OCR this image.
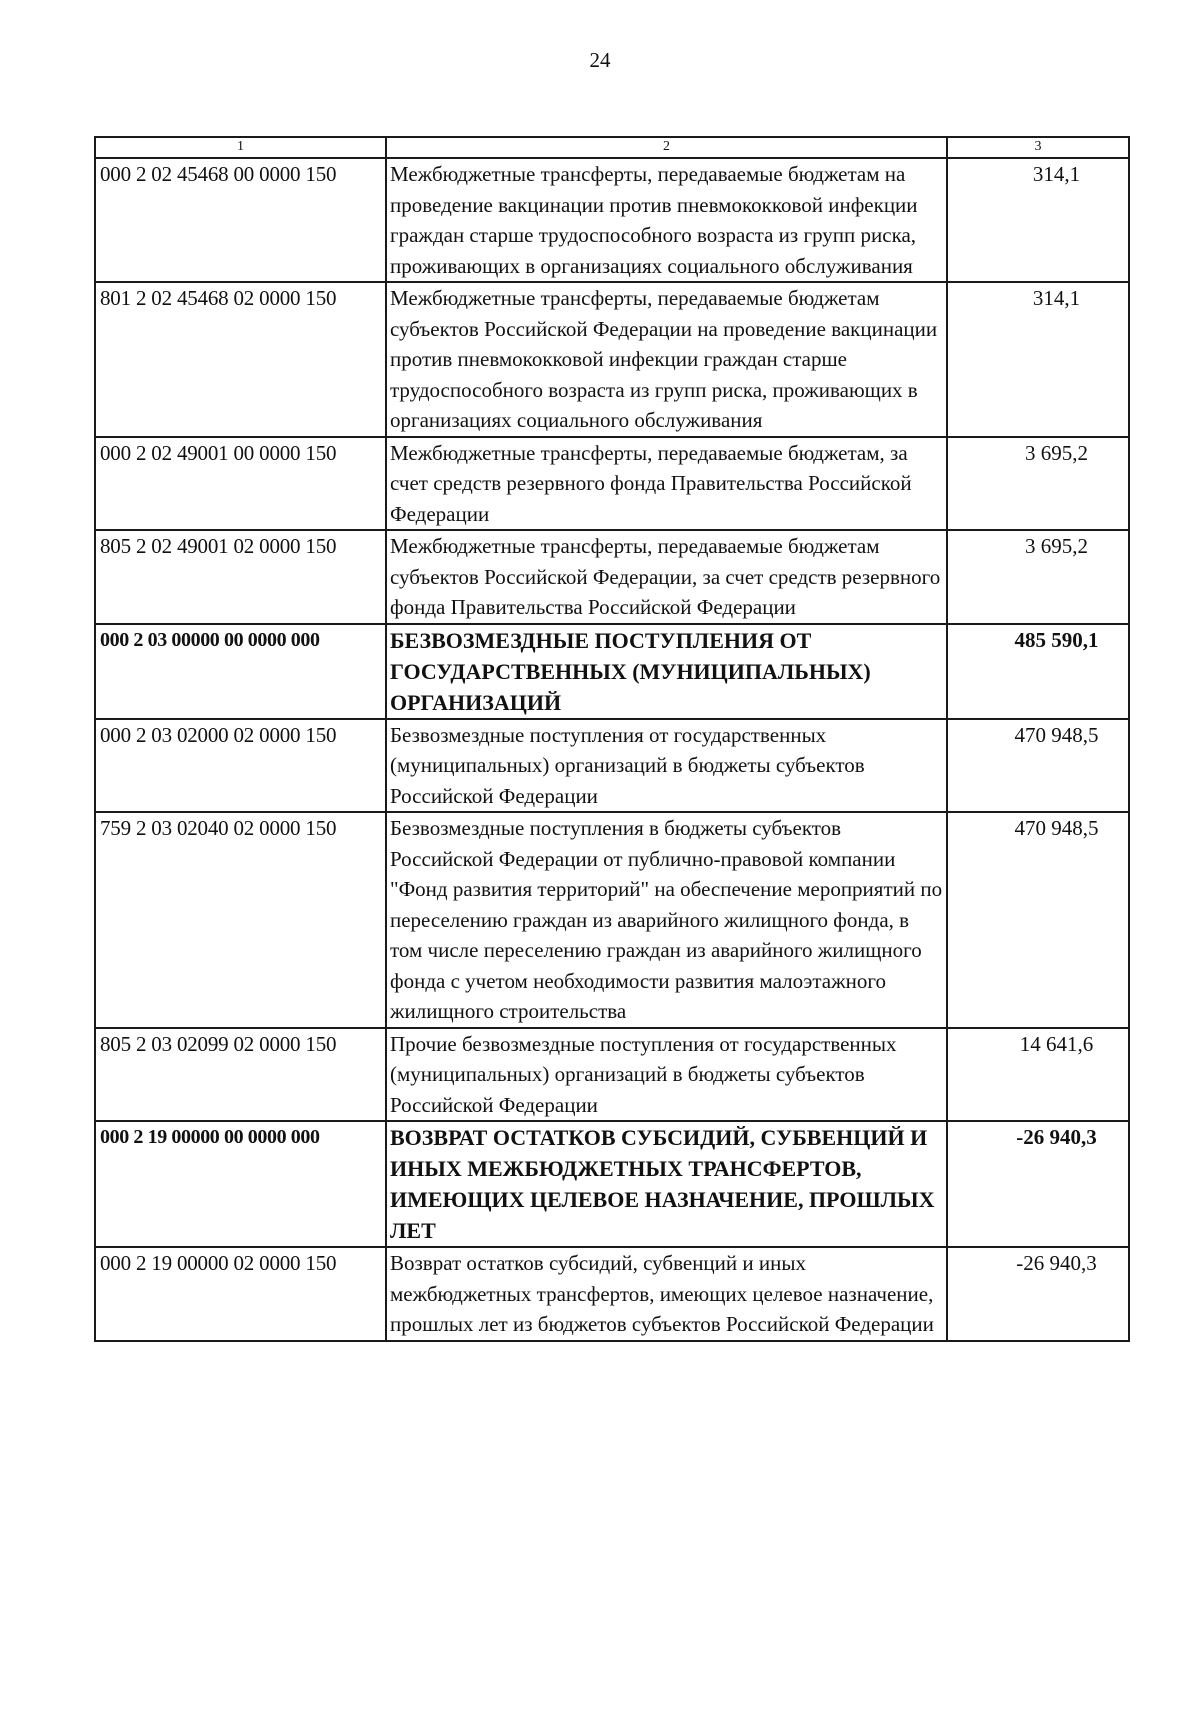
24
1	2	3
000 2 02 45468 00 0000 150	Межбюджетные трансферты, передаваемые бюджетам на проведение вакцинации против пневмококковой инфекции граждан старше трудоспособного возраста из групп риска, проживающих в организациях социального обслуживания	314,1
801 2 02 45468 02 0000 150	Межбюджетные трансферты, передаваемые бюджетам субъектов Российской Федерации на проведение вакцинации против пневмококковой инфекции граждан старше трудоспособного возраста из групп риска, проживающих в организациях социального обслуживания	314,1
000 2 02 49001 00 0000 150	Межбюджетные трансферты, передаваемые бюджетам, за счет средств резервного фонда Правительства Российской Федерации	3 695,2
805 2 02 49001 02 0000 150	Межбюджетные трансферты, передаваемые бюджетам субъектов Российской Федерации, за счет средств резервного фонда Правительства Российской Федерации	3 695,2
000 2 03 00000 00 0000 000	БЕЗВОЗМЕЗДНЫЕ ПОСТУПЛЕНИЯ ОТ ГОСУДАРСТВЕННЫХ (МУНИЦИПАЛЬНЫХ) ОРГАНИЗАЦИЙ	485 590,1
000 2 03 02000 02 0000 150	Безвозмездные поступления от государственных (муниципальных) организаций в бюджеты субъектов Российской Федерации	470 948,5
759 2 03 02040 02 0000 150	Безвозмездные поступления в бюджеты субъектов Российской Федерации от публично-правовой компании "Фонд развития территорий" на обеспечение мероприятий по переселению граждан из аварийного жилищного фонда, в том числе переселению граждан из аварийного жилищного фонда с учетом необходимости развития малоэтажного жилищного строительства	470 948,5
805 2 03 02099 02 0000 150	Прочие безвозмездные поступления от государственных (муниципальных) организаций в бюджеты субъектов Российской Федерации	14 641,6
000 2 19 00000 00 0000 000	ВОЗВРАТ ОСТАТКОВ СУБСИДИЙ, СУБВЕНЦИЙ И ИНЫХ МЕЖБЮДЖЕТНЫХ ТРАНСФЕРТОВ, ИМЕЮЩИХ ЦЕЛЕВОЕ НАЗНАЧЕНИЕ, ПРОШЛЫХ ЛЕТ	-26 940,3
000 2 19 00000 02 0000 150	Возврат остатков субсидий, субвенций и иных межбюджетных трансфертов, имеющих целевое назначение, прошлых лет из бюджетов субъектов Российской Федерации	-26 940,3
